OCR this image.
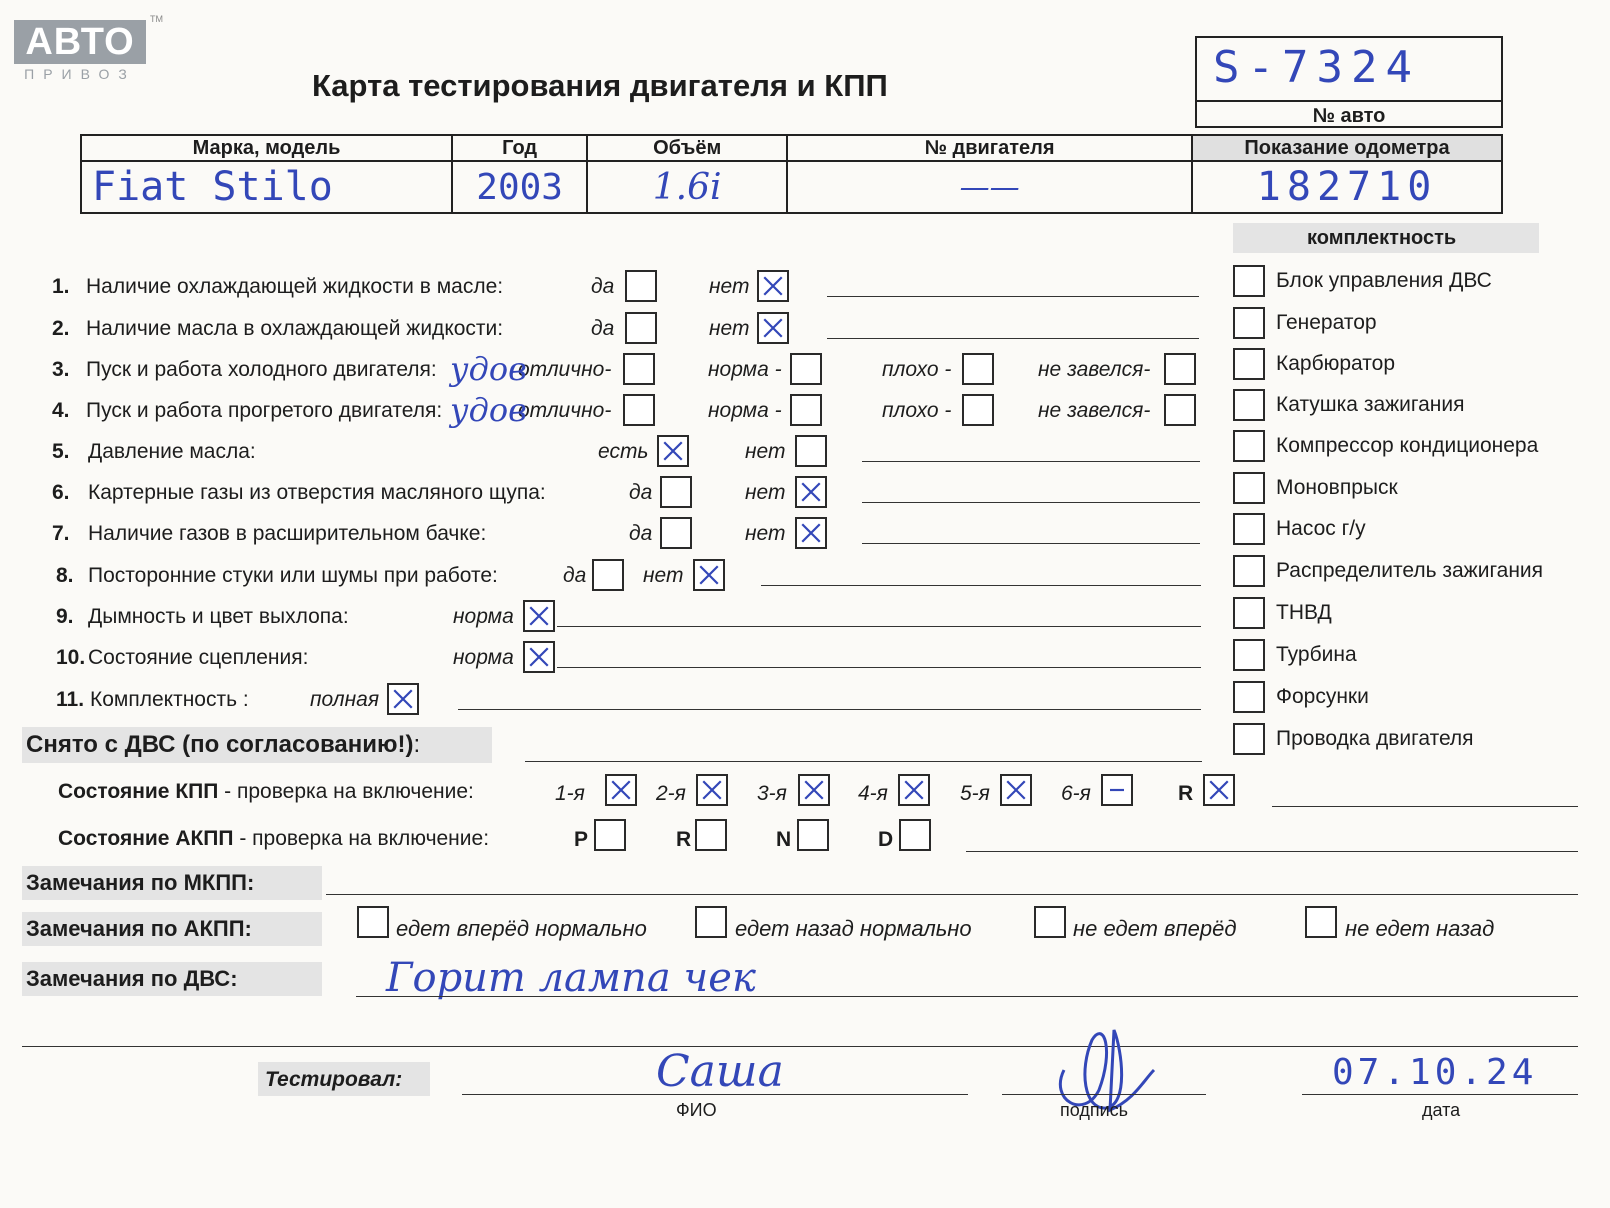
АВТО
ПРИВОЗ
TM
Карта тестирования двигателя и КПП	S-7324
№ авто
Марка, модель	Год	Объём	№ двигателя	Показание одометра
Fiat Stilo	2003	1.6i	——	182710
комплектность
Блок управления ДВС
Генератор
Карбюратор
Катушка зажигания
Компрессор кондиционера
Моновпрыск
Насос г/у
Распределитель зажигания
ТНВД
Турбина
Форсунки
Проводка двигателя
1. Наличие охлаждающей жидкости в масле:	да	нет
2. Наличие масла в охлаждающей жидкости:	да	нет
3. Пуск и работа холодного двигателя:	отлично-	норма -	плохо -	не завелся-
удов
4. Пуск и работа прогретого двигателя:	отлично-	норма -	плохо -	не завелся-
удов
5. Давление масла:	есть	нет
6. Картерные газы из отверстия масляного щупа:	да	нет
7. Наличие газов в расширительном бачке:	да	нет
8. Посторонние стуки или шумы при работе:	да	нет
9. Дымность и цвет выхлопа:	норма
10. Состояние сцепления:	норма
11. Комплектность :	полная
Снято с ДВС (по согласованию!):
Состояние КПП - проверка на включение:	1-я	2-я	3-я	4-я	5-я	6-я	R
Состояние АКПП - проверка на включение:	P	R	N	D
Замечания по МКПП:
Замечания по АКПП:	едет вперёд нормально	едет назад нормально	не едет вперёд	не едет назад
Замечания по ДВС:	Горит лампа чек
Тестировал:	Саша
ФИО	подпись
07.10.24
дата
